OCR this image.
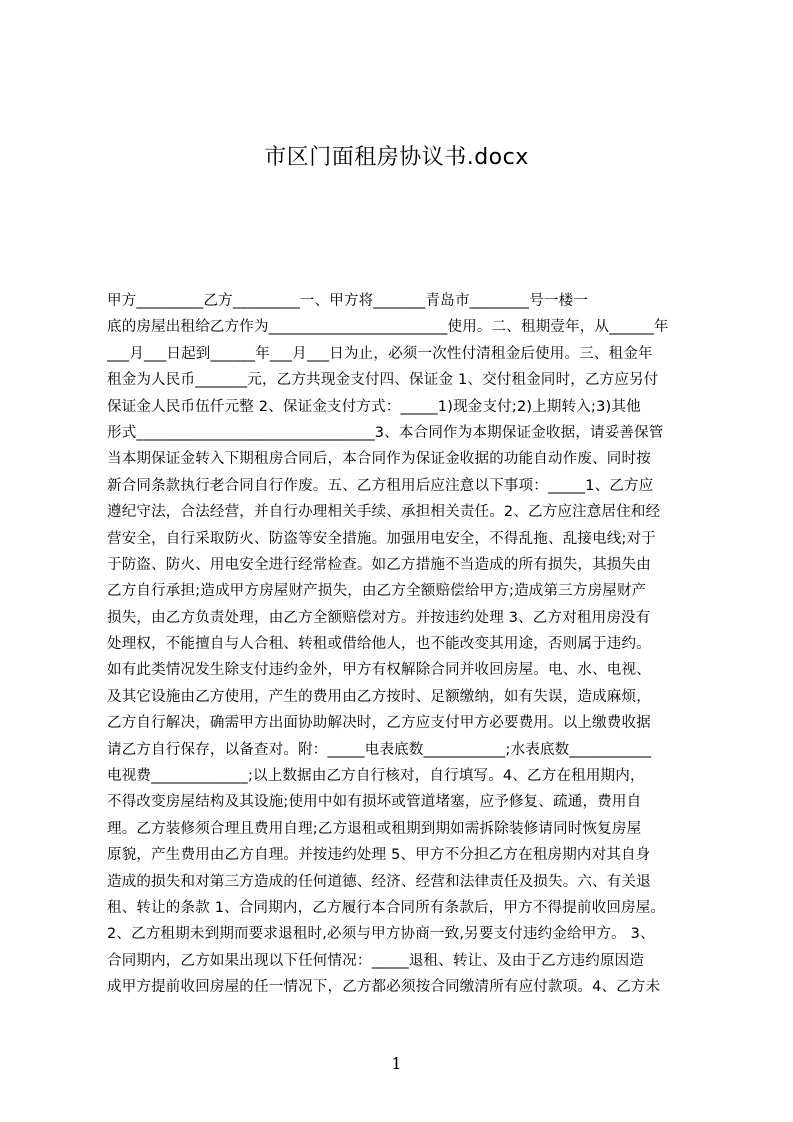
市区门面租房协议书.docx
甲方_________乙方_________一、甲方将_______青岛市________号一楼一
底的房屋出租给乙方作为________________________使用。二、租期壹年，从______年
___月___日起到______年___月___日为止，必须一次性付清租金后使用。三、租金年
租金为人民币_______元，乙方共现金支付四、保证金 1、交付租金同时，乙方应另付
保证金人民币伍仟元整 2、保证金支付方式：_____1)现金支付;2)上期转入;3)其他
形式________________________________3、本合同作为本期保证金收据，请妥善保管
当本期保证金转入下期租房合同后，本合同作为保证金收据的功能自动作废、同时按
新合同条款执行老合同自行作废。五、乙方租用后应注意以下事项：_____1、乙方应
遵纪守法，合法经营，并自行办理相关手续、承担相关责任。2、乙方应注意居住和经
营安全，自行采取防火、防盗等安全措施。加强用电安全，不得乱拖、乱接电线;对于
于防盗、防火、用电安全进行经常检查。如乙方措施不当造成的所有损失，其损失由
乙方自行承担;造成甲方房屋财产损失，由乙方全额赔偿给甲方;造成第三方房屋财产
损失，由乙方负责处理，由乙方全额赔偿对方。并按违约处理 3、乙方对租用房没有
处理权，不能擅自与人合租、转租或借给他人，也不能改变其用途，否则属于违约。
如有此类情况发生除支付违约金外，甲方有权解除合同并收回房屋。电、水、电视、
及其它设施由乙方使用，产生的费用由乙方按时、足额缴纳，如有失误，造成麻烦，
乙方自行解决，确需甲方出面协助解决时，乙方应支付甲方必要费用。以上缴费收据
请乙方自行保存，以备查对。附：_____电表底数___________;水表底数___________
电视费_____________;以上数据由乙方自行核对，自行填写。4、乙方在租用期内，
不得改变房屋结构及其设施;使用中如有损坏或管道堵塞，应予修复、疏通，费用自
理。乙方装修须合理且费用自理;乙方退租或租期到期如需拆除装修请同时恢复房屋
原貌，产生费用由乙方自理。并按违约处理 5、甲方不分担乙方在租房期内对其自身
造成的损失和对第三方造成的任何道德、经济、经营和法律责任及损失。六、有关退
租、转让的条款 1、合同期内，乙方履行本合同所有条款后，甲方不得提前收回房屋。
2、乙方租期未到期而要求退租时,必须与甲方协商一致,另要支付违约金给甲方。 3、
合同期内，乙方如果出现以下任何情况：_____退租、转让、及由于乙方违约原因造
成甲方提前收回房屋的任一情况下，乙方都必须按合同缴清所有应付款项。4、乙方未
1
